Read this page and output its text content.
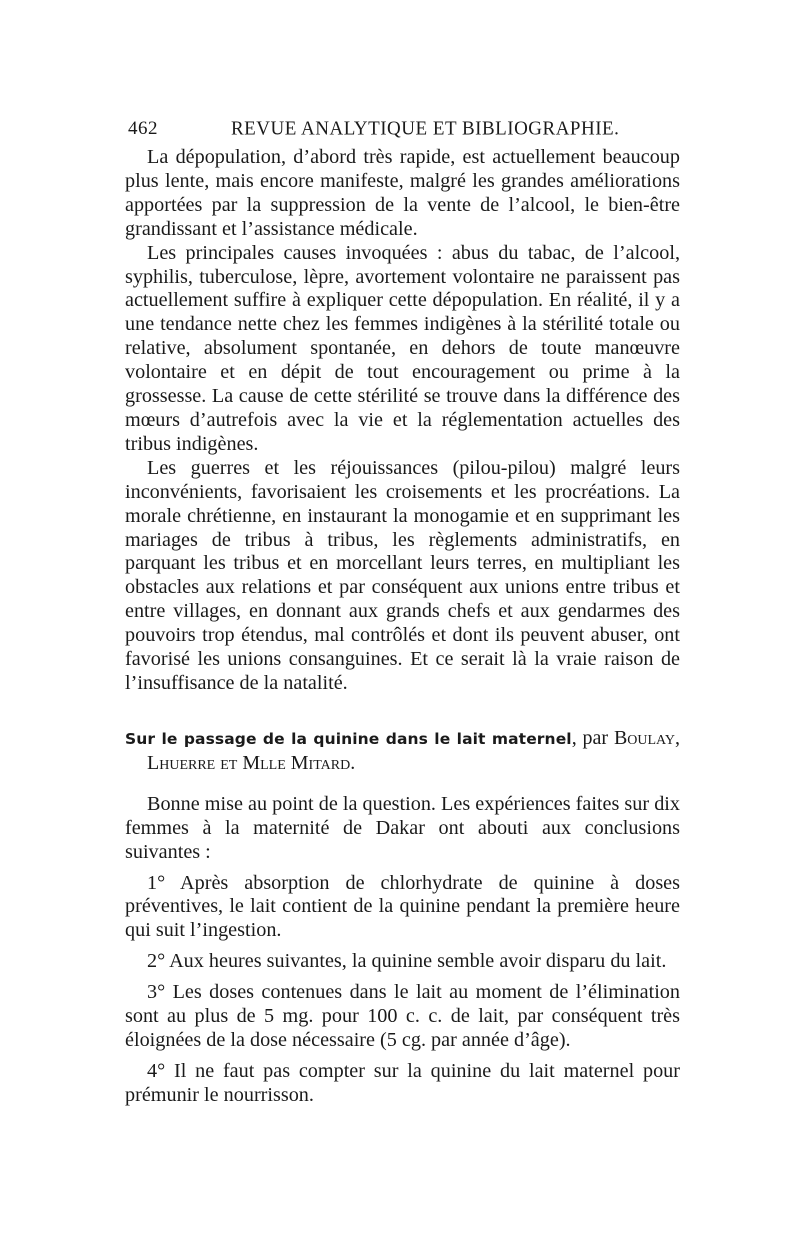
462	REVUE ANALYTIQUE ET BIBLIOGRAPHIE.

La dépopulation, d’abord très rapide, est actuellement beaucoup plus lente, mais encore manifeste, malgré les grandes améliorations apportées par la suppression de la vente de l’alcool, le bien-être grandissant et l’assistance médicale.

Les principales causes invoquées : abus du tabac, de l’alcool, syphilis, tuberculose, lèpre, avortement volontaire ne paraissent pas actuellement suffire à expliquer cette dépopulation. En réalité, il y a une tendance nette chez les femmes indigènes à la stérilité totale ou relative, absolument spontanée, en dehors de toute manœuvre volontaire et en dépit de tout encouragement ou prime à la grossesse. La cause de cette stérilité se trouve dans la différence des mœurs d’autrefois avec la vie et la réglementation actuelles des tribus indigènes.

Les guerres et les réjouissances (pilou-pilou) malgré leurs inconvénients, favorisaient les croisements et les procréations. La morale chrétienne, en instaurant la monogamie et en supprimant les mariages de tribus à tribus, les règlements administratifs, en parquant les tribus et en morcellant leurs terres, en multipliant les obstacles aux relations et par conséquent aux unions entre tribus et entre villages, en donnant aux grands chefs et aux gendarmes des pouvoirs trop étendus, mal contrôlés et dont ils peuvent abuser, ont favorisé les unions consanguines. Et ce serait là la vraie raison de l’insuffisance de la natalité.

Sur le passage de la quinine dans le lait maternel, par Boulay, Lhuerre et Mlle Mitard.

Bonne mise au point de la question. Les expériences faites sur dix femmes à la maternité de Dakar ont abouti aux conclusions suivantes :

1° Après absorption de chlorhydrate de quinine à doses préventives, le lait contient de la quinine pendant la première heure qui suit l’ingestion.

2° Aux heures suivantes, la quinine semble avoir disparu du lait.

3° Les doses contenues dans le lait au moment de l’élimination sont au plus de 5 mg. pour 100 c. c. de lait, par conséquent très éloignées de la dose nécessaire (5 cg. par année d’âge).

4° Il ne faut pas compter sur la quinine du lait maternel pour prémunir le nourrisson.
